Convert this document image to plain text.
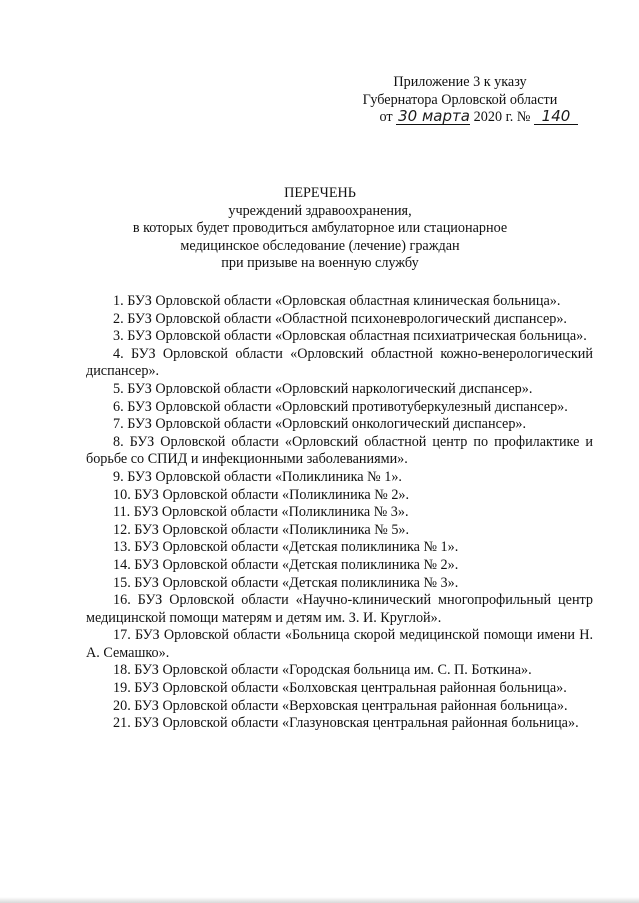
Приложение 3 к указу
Губернатора Орловской области
от 30 марта 2020 г. № 140
ПЕРЕЧЕНЬ
учреждений здравоохранения,
в которых будет проводиться амбулаторное или стационарное
медицинское обследование (лечение) граждан
при призыве на военную службу
1. БУЗ Орловской области «Орловская областная клиническая больница».
2. БУЗ Орловской области «Областной психоневрологический диспансер».
3. БУЗ Орловской области «Орловская областная психиатрическая больница».
4. БУЗ Орловской области «Орловский областной кожно-венерологический диспансер».
5. БУЗ Орловской области «Орловский наркологический диспансер».
6. БУЗ Орловской области «Орловский противотуберкулезный диспансер».
7. БУЗ Орловской области «Орловский онкологический диспансер».
8. БУЗ Орловской области «Орловский областной центр по профилактике и борьбе со СПИД и инфекционными заболеваниями».
9. БУЗ Орловской области «Поликлиника № 1».
10. БУЗ Орловской области «Поликлиника № 2».
11. БУЗ Орловской области «Поликлиника № 3».
12. БУЗ Орловской области «Поликлиника № 5».
13. БУЗ Орловской области «Детская поликлиника № 1».
14. БУЗ Орловской области «Детская поликлиника № 2».
15. БУЗ Орловской области «Детская поликлиника № 3».
16. БУЗ Орловской области «Научно-клинический многопрофильный центр медицинской помощи матерям и детям им. З. И. Круглой».
17. БУЗ Орловской области «Больница скорой медицинской помощи имени Н. А. Семашко».
18. БУЗ Орловской области «Городская больница им. С. П. Боткина».
19. БУЗ Орловской области «Болховская центральная районная больница».
20. БУЗ Орловской области «Верховская центральная районная больница».
21. БУЗ Орловской области «Глазуновская центральная районная больница».
